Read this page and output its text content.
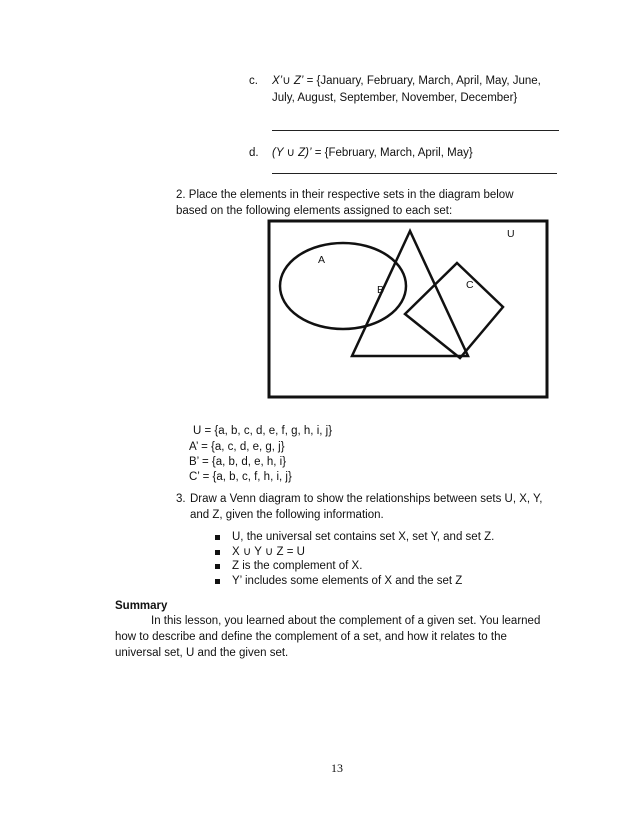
c. X’∪ Z’ = {January, February, March, April, May, June,
July, August, September, November, December}
d. (Y ∪ Z)’ = {February, March, April, May}
2. Place the elements in their respective sets in the diagram below
based on the following elements assigned to each set:
U
A
B	C
U = {a, b, c, d, e, f, g, h, i, j}
A’ = {a, c, d, e, g, j}
B’ = {a, b, d, e, h, i}
C’ = {a, b, c, f, h, i, j}
3. Draw a Venn diagram to show the relationships between sets U, X, Y,
and Z, given the following information.
U, the universal set contains set X, set Y, and set Z.
X ∪ Y ∪ Z = U
Z is the complement of X.
Y’ includes some elements of X and the set Z
Summary
In this lesson, you learned about the complement of a given set. You learned
how to describe and define the complement of a set, and how it relates to the
universal set, U and the given set.
13
